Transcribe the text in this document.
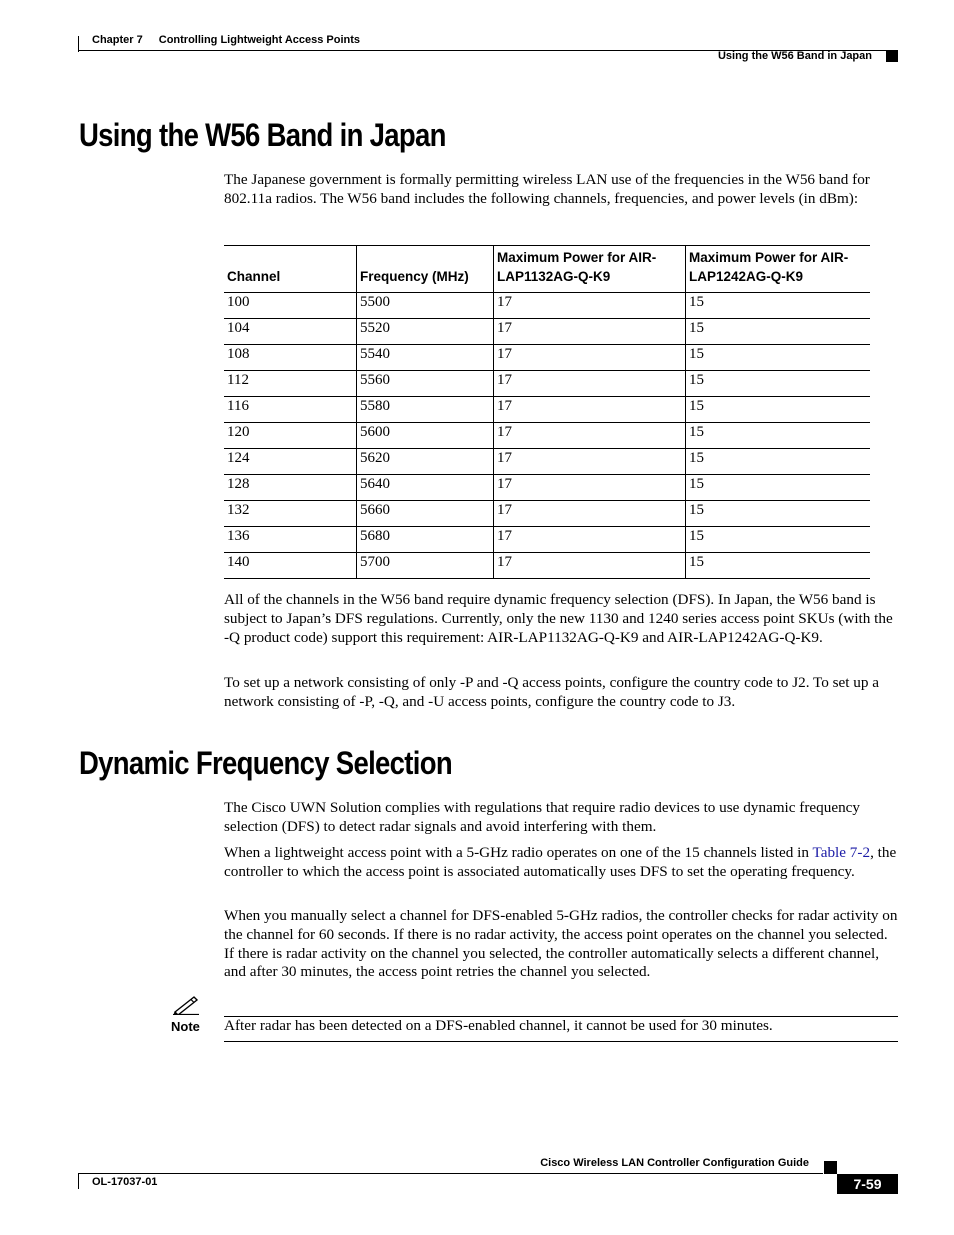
Chapter 7 Controlling Lightweight Access Points
Using the W56 Band in Japan
Using the W56 Band in Japan

The Japanese government is formally permitting wireless LAN use of the frequencies in the W56 band for 802.11a radios. The W56 band includes the following channels, frequencies, and power levels (in dBm):

Channel	Frequency (MHz)	Maximum Power for AIR-LAP1132AG-Q-K9	Maximum Power for AIR-LAP1242AG-Q-K9
100	5500	17	15
104	5520	17	15
108	5540	17	15
112	5560	17	15
116	5580	17	15
120	5600	17	15
124	5620	17	15
128	5640	17	15
132	5660	17	15
136	5680	17	15
140	5700	17	15

All of the channels in the W56 band require dynamic frequency selection (DFS). In Japan, the W56 band is subject to Japan’s DFS regulations. Currently, only the new 1130 and 1240 series access point SKUs (with the -Q product code) support this requirement: AIR-LAP1132AG-Q-K9 and AIR-LAP1242AG-Q-K9.

To set up a network consisting of only -P and -Q access points, configure the country code to J2. To set up a network consisting of -P, -Q, and -U access points, configure the country code to J3.

Dynamic Frequency Selection

The Cisco UWN Solution complies with regulations that require radio devices to use dynamic frequency selection (DFS) to detect radar signals and avoid interfering with them.

When a lightweight access point with a 5-GHz radio operates on one of the 15 channels listed in Table 7-2, the controller to which the access point is associated automatically uses DFS to set the operating frequency.

When you manually select a channel for DFS-enabled 5-GHz radios, the controller checks for radar activity on the channel for 60 seconds. If there is no radar activity, the access point operates on the channel you selected. If there is radar activity on the channel you selected, the controller automatically selects a different channel, and after 30 minutes, the access point retries the channel you selected.

Note After radar has been detected on a DFS-enabled channel, it cannot be used for 30 minutes.
Cisco Wireless LAN Controller Configuration Guide
OL-17037-01	7-59
